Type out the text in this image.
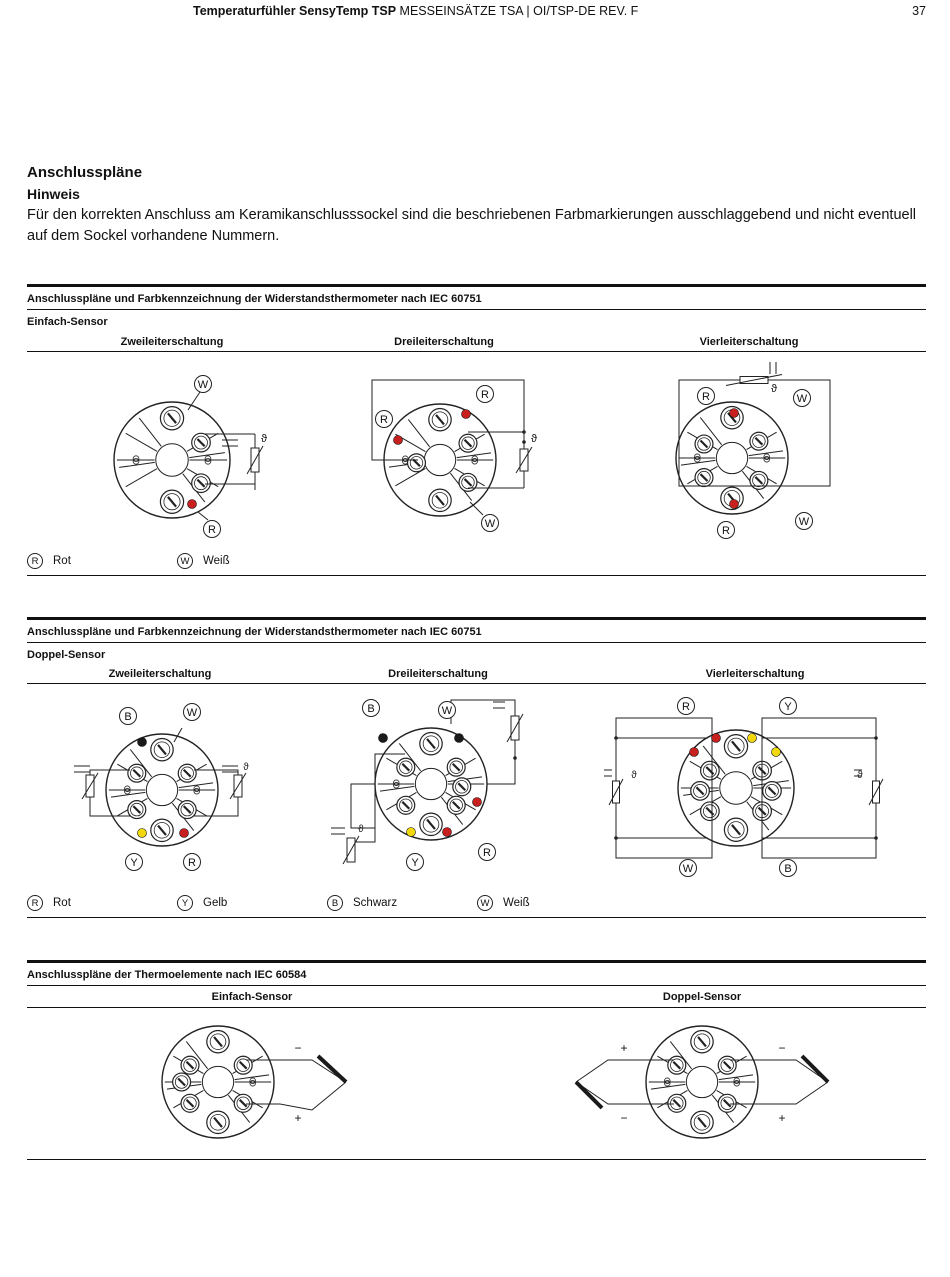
Temperaturfühler SensyTemp TSP MESSEINSÄTZE TSA | OI/TSP-DE REV. F	37
Anschlusspläne
Hinweis
Für den korrekten Anschluss am Keramikanschlusssockel sind die beschriebenen Farbmarkierungen ausschlaggebend und nicht eventuell auf dem Sockel vorhandene Nummern.
Anschlusspläne und Farbkennzeichnung der Widerstandsthermometer nach IEC 60751
Einfach-Sensor
Zweileiterschaltung	Dreileiterschaltung	Vierleiterschaltung
ϑ
W
R
ϑ
R
R
W
ϑ
R
R
W
W
R	Rot	W	Weiß
Anschlusspläne und Farbkennzeichnung der Widerstandsthermometer nach IEC 60751
Doppel-Sensor
Zweileiterschaltung	Dreileiterschaltung	Vierleiterschaltung
ϑ
B	W
Y	R
ϑ
B	W
Y
R
ϑ	ϑ
R	Y
W	B
R	Rot	Y	Gelb	B	Schwarz	W	Weiß
Anschlusspläne der Thermoelemente nach IEC 60584
Einfach-Sensor	Doppel-Sensor
−
+
−
+
+
−
